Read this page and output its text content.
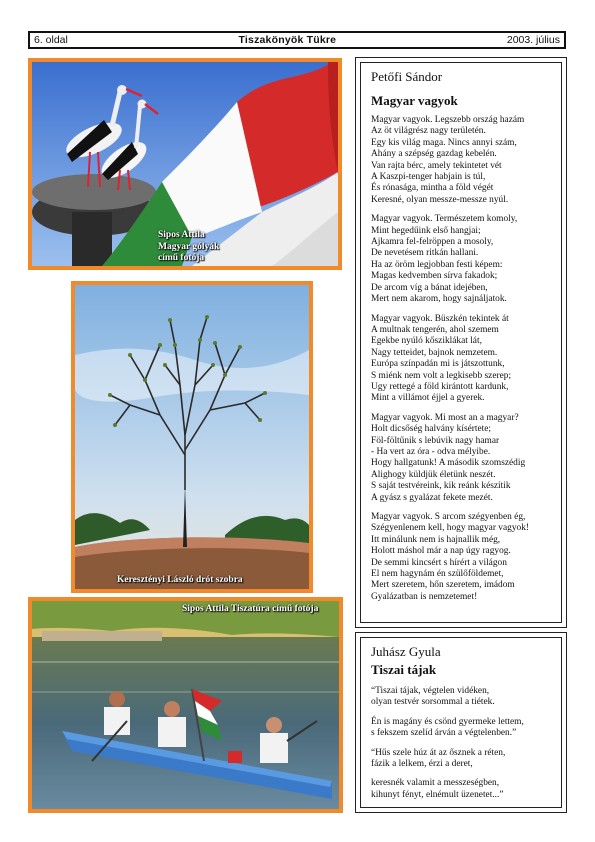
6. oldal	Tiszakönyök Tükre	2003. július
Sipos Attila
Magyar gólyák
című fotója
Keresztényi László drót szobra
Sipos Attila Tiszatúra című fotója
Petőfi Sándor
Magyar vagyok
Magyar vagyok. Legszebb ország hazám
Az öt világrész nagy területén.
Egy kis világ maga. Nincs annyi szám,
Ahány a szépség gazdag kebelén.
Van rajta bérc, amely tekintetet vét
A Kaszpi-tenger habjain is túl,
És rónasága, mintha a föld végét
Keresné, olyan messze-messze nyúl.
Magyar vagyok. Természetem komoly,
Mint hegedűink első hangjai;
Ajkamra fel-felröppen a mosoly,
De nevetésem ritkán hallani.
Ha az öröm legjobban festi képem:
Magas kedvemben sírva fakadok;
De arcom víg a bánat idejében,
Mert nem akarom, hogy sajnáljatok.
Magyar vagyok. Büszkén tekintek át
A multnak tengerén, ahol szemem
Egekbe nyúló kősziklákat lát,
Nagy tetteidet, bajnok nemzetem.
Európa színpadán mi is játszottunk,
S miénk nem volt a legkisebb szerep;
Ugy rettegé a föld kirántott kardunk,
Mint a villámot éjjel a gyerek.
Magyar vagyok. Mi most an a magyar?
Holt dicsőség halvány kísértete;
Föl-föltűnik s lebúvik nagy hamar
- Ha vert az óra - odva mélyibe.
Hogy hallgatunk! A második szomszédig
Alighogy küldjük életünk neszét.
S saját testvéreink, kik reánk készítik
A gyász s gyalázat fekete mezét.
Magyar vagyok. S arcom szégyenben ég,
Szégyenlenem kell, hogy magyar vagyok!
Itt minálunk nem is hajnallik még,
Holott máshol már a nap úgy ragyog.
De semmi kincsért s hírért a világon
El nem hagynám én szülőföldemet,
Mert szeretem, hőn szeretem, imádom
Gyalázatban is nemzetemet!
Juhász Gyula
Tiszai tájak
“Tiszai tájak, végtelen vidéken,
olyan testvér sorsommal a tiétek.
Én is magány és csönd gyermeke lettem,
s fekszem szelíd árván a végtelenben.”
“Hűs szele húz át az ősznek a réten,
fázik a lelkem, érzi a deret,
keresnék valamit a messzeségben,
kihunyt fényt, elnémult üzenetet...”
